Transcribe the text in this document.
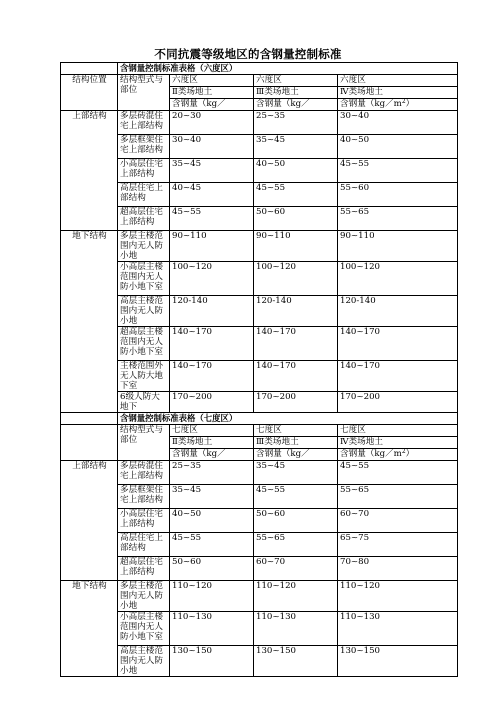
不同抗震等级地区的含钢量控制标准
	含钢量控制标准表格（六度区）			
结构位置	结构型式与部位	六度区	六度区	六度区
		Ⅱ类场地土	Ⅲ类场地土	Ⅳ类场地土
		含钢量（kg／	含钢量（kg／	含钢量$(kg/m^2)$
上部结构	多层砖混住宅上部结构	20~30	25~35	30~40
	多层框架住宅上部结构	30~40	35~45	40~50
	小高层住宅上部结构	35~45	40~50	45~55
	高层住宅上部结构	40~45	45~55	55~60
	超高层住宅上部结构	45~55	50~60	55~65
地下结构	多层主楼范围内无人防小地	90~110	90~110	90~110
	小高层主楼范围内无人防小地下室	100~120	100~120	100~120
	高层主楼范围内无人防小地	120-140	120-140	120-140
	超高层主楼范围内无人防小地下室	140~170	140~170	140~170
	主楼范围外无人防大地下室	140~170	140~170	140~170
	6级人防大地下	170~200	170~200	170~200
	含钢量控制标准表格（七度区）			
	结构型式与部位	七度区	七度区	七度区
		Ⅱ类场地土	Ⅲ类场地土	Ⅳ类场地土
		含钢量（kg／	含钢量（kg／	含钢量$(kg/m^2)$
上部结构	多层砖混住宅上部结构	25~35	35~45	45~55
	多层框架住宅上部结构	35~45	45~55	55~65
	小高层住宅上部结构	40~50	50~60	60~70
	高层住宅上部结构	45~55	55~65	65~75
	超高层住宅上部结构	50~60	60~70	70~80
地下结构	多层主楼范围内无人防小地	110~120	110~120	110~120
	小高层主楼范围内无人防小地下室	110~130	110~130	110~130
	高层主楼范围内无人防小地	130~150	130~150	130~150
